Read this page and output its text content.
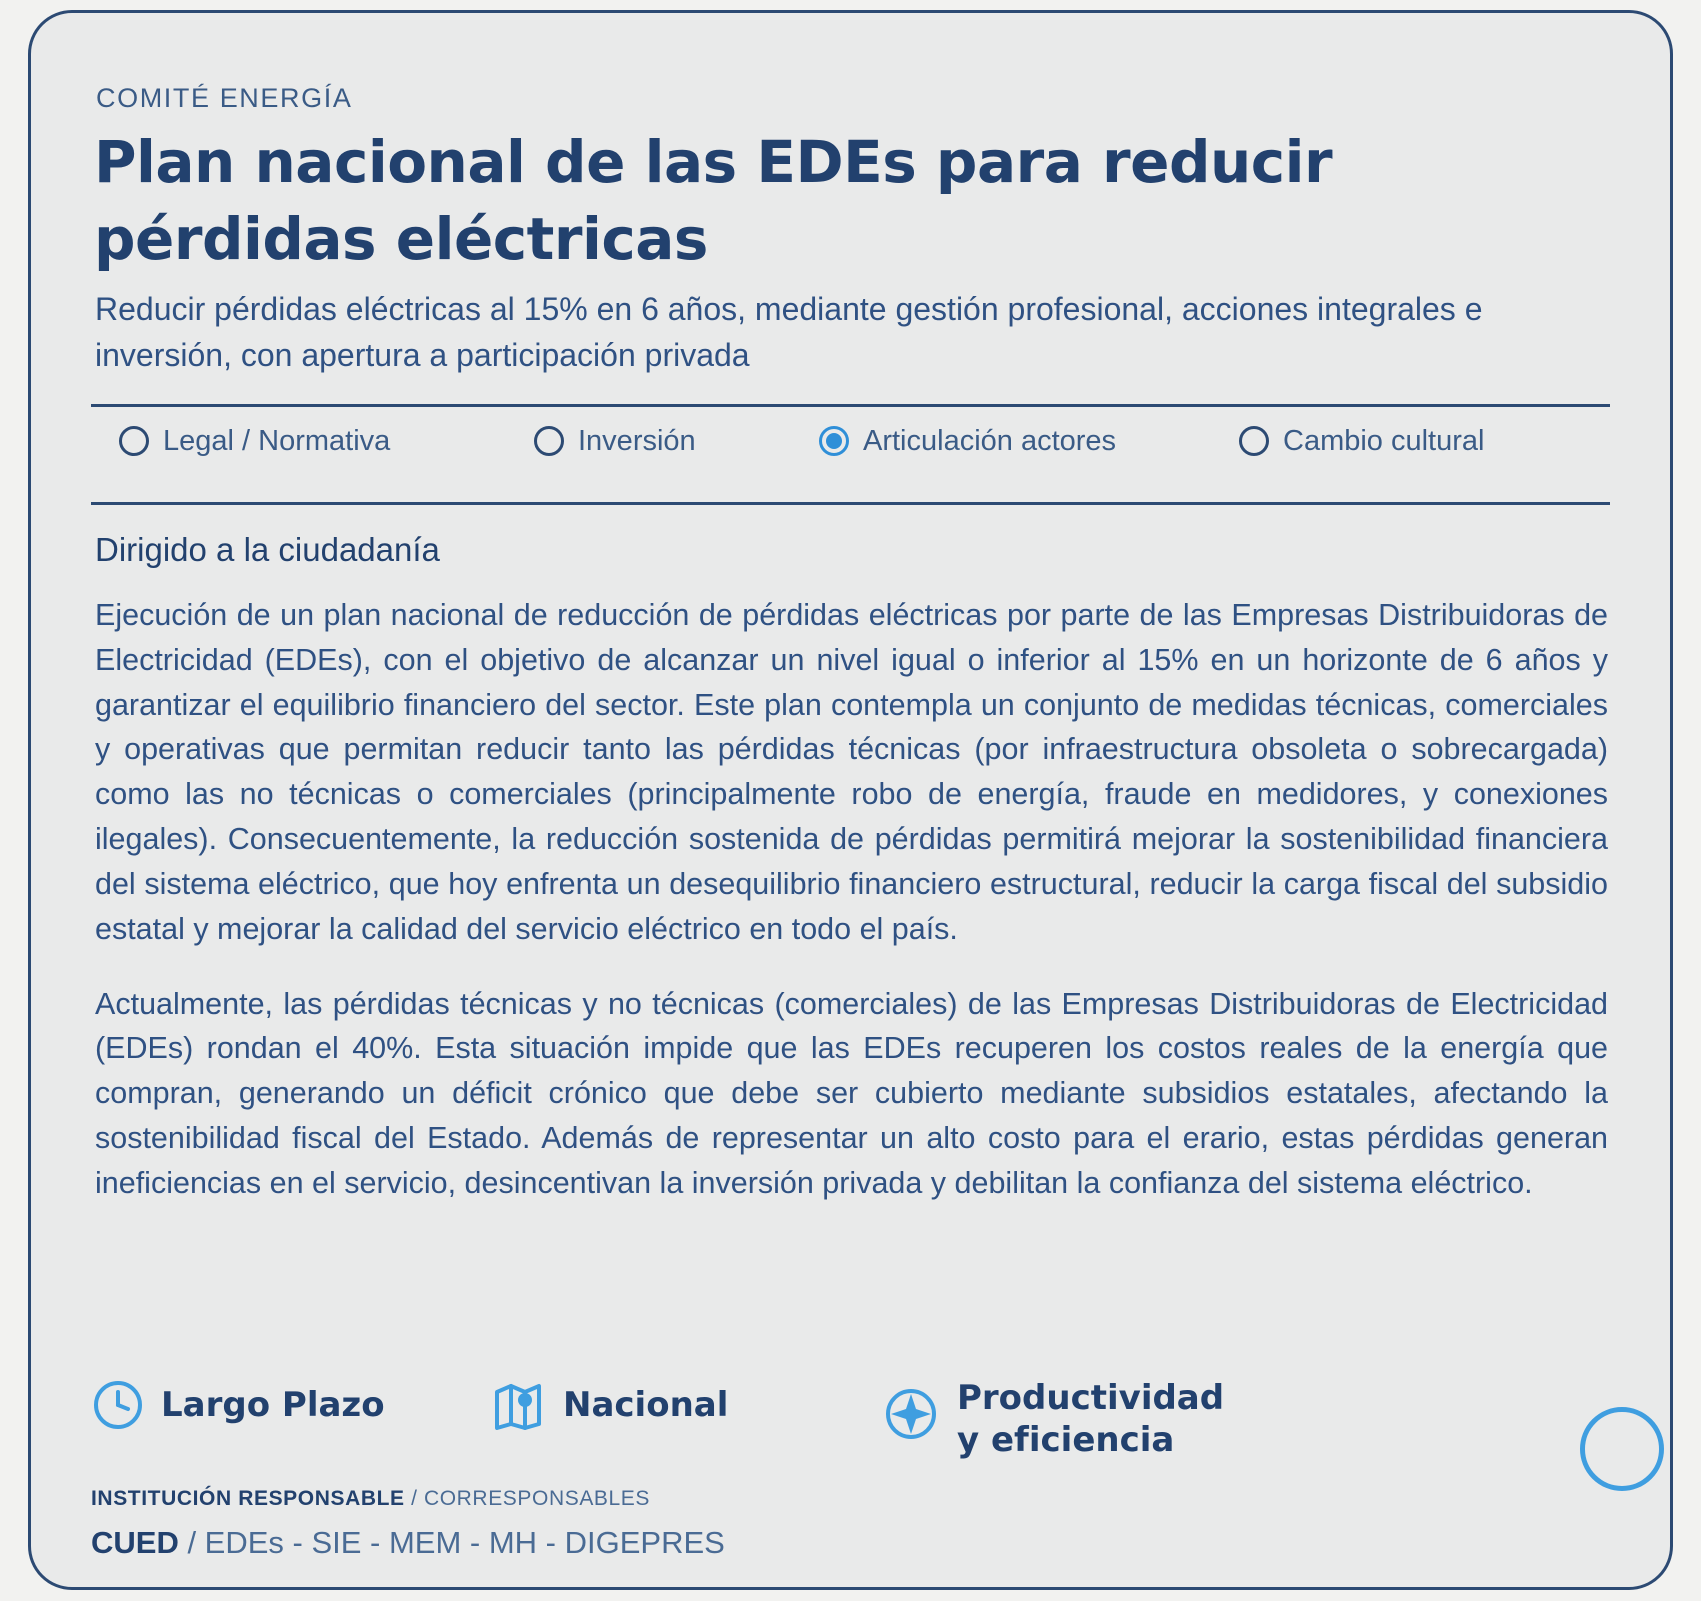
COMITÉ ENERGÍA
Plan nacional de las EDEs para reducir pérdidas eléctricas
Reducir pérdidas eléctricas al 15% en 6 años, mediante gestión profesional, acciones integrales e inversión, con apertura a participación privada
Legal / Normativa	Inversión	Articulación actores	Cambio cultural
Dirigido a la ciudadanía

Ejecución de un plan nacional de reducción de pérdidas eléctricas por parte de las Empresas Distribuidoras de Electricidad (EDEs), con el objetivo de alcanzar un nivel igual o inferior al 15% en un horizonte de 6 años y garantizar el equilibrio financiero del sector. Este plan contempla un conjunto de medidas técnicas, comerciales y operativas que permitan reducir tanto las pérdidas técnicas (por infraestructura obsoleta o sobrecargada) como las no técnicas o comerciales (principalmente robo de energía, fraude en medidores, y conexiones ilegales). Consecuentemente, la reducción sostenida de pérdidas permitirá mejorar la sostenibilidad financiera del sistema eléctrico, que hoy enfrenta un desequilibrio financiero estructural, reducir la carga fiscal del subsidio estatal y mejorar la calidad del servicio eléctrico en todo el país.

Actualmente, las pérdidas técnicas y no técnicas (comerciales) de las Empresas Distribuidoras de Electricidad (EDEs) rondan el 40%. Esta situación impide que las EDEs recuperen los costos reales de la energía que compran, generando un déficit crónico que debe ser cubierto mediante subsidios estatales, afectando la sostenibilidad fiscal del Estado. Además de representar un alto costo para el erario, estas pérdidas generan ineficiencias en el servicio, desincentivan la inversión privada y debilitan la confianza del sistema eléctrico.

Largo Plazo	Nacional	Productividad
y eficiencia
INSTITUCIÓN RESPONSABLE / CORRESPONSABLES
CUED / EDEs - SIE - MEM - MH - DIGEPRES
